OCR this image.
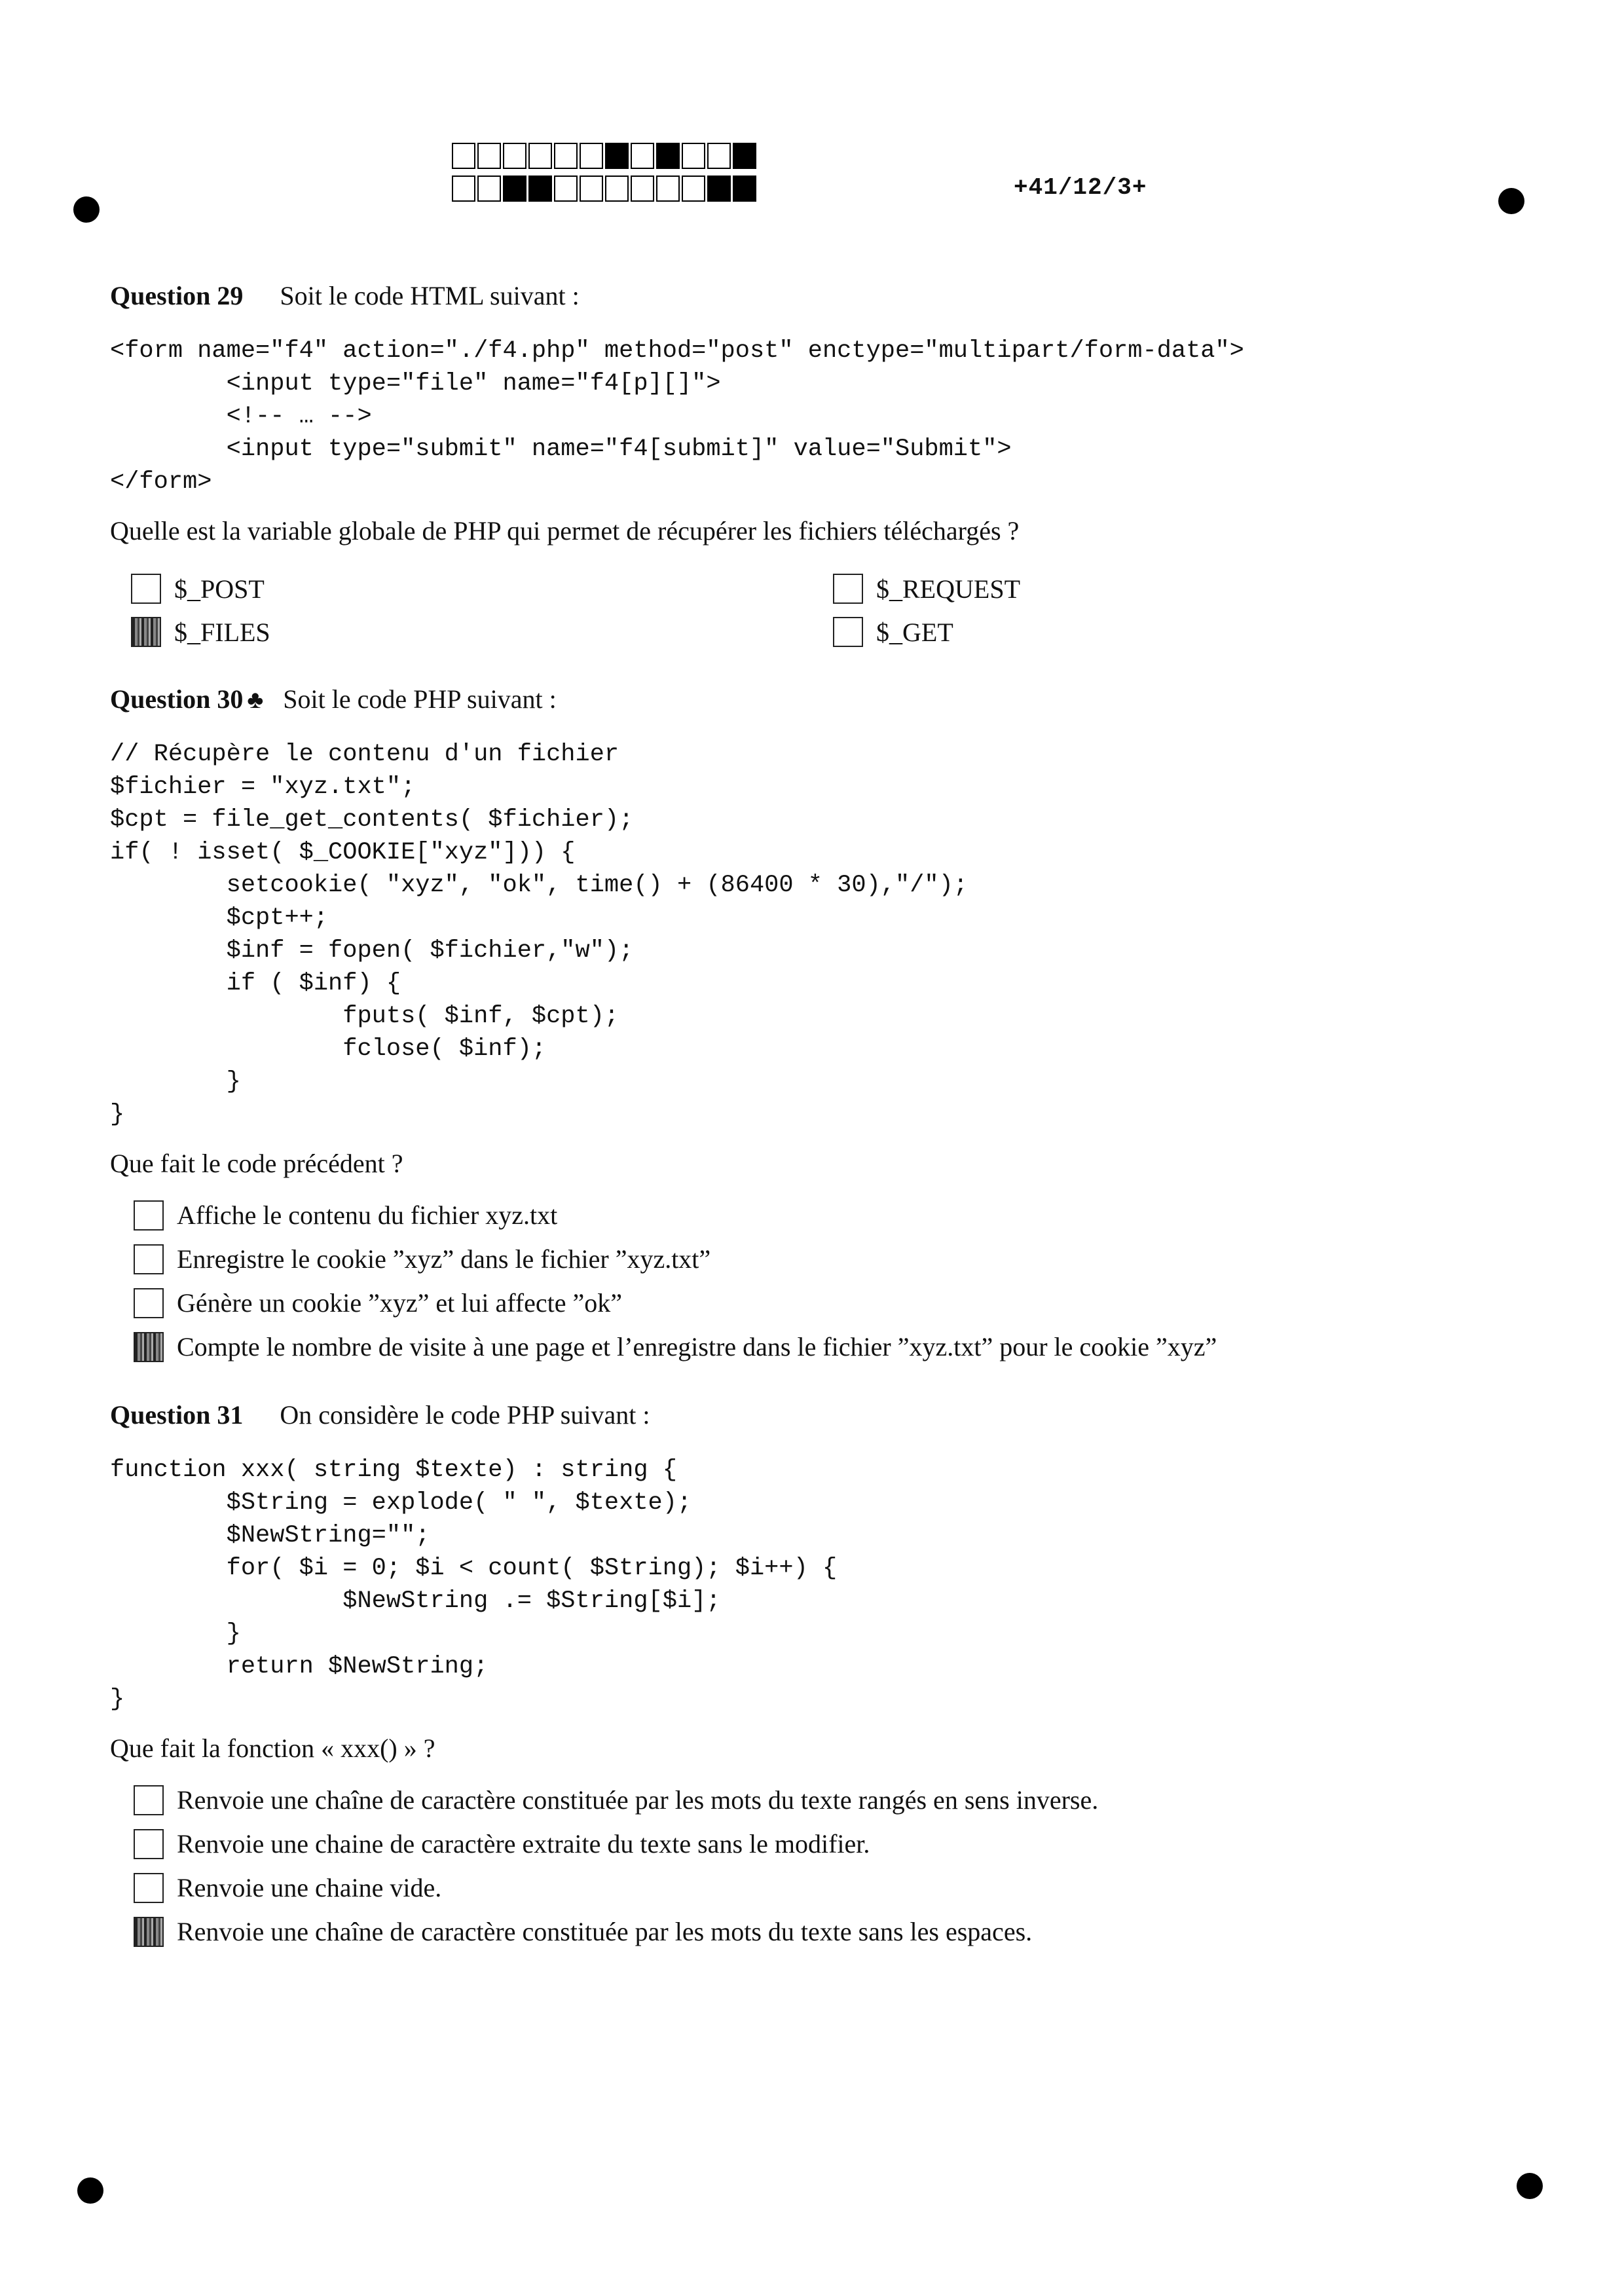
+41/12/3+

Question 29 Soit le code HTML suivant :

<form name="f4" action="./f4.php" method="post" enctype="multipart/form-data">
<input type="file" name="f4[p][]">
<!-- … -->
<input type="submit" name="f4[submit]" value="Submit">
</form>

Quelle est la variable globale de PHP qui permet de récupérer les fichiers téléchargés ?

$_POST	$_REQUEST
$_FILES	$_GET

Question 30 ♣ Soit le code PHP suivant :

// Récupère le contenu d'un fichier
$fichier = "xyz.txt";
$cpt = file_get_contents( $fichier);
if( ! isset( $_COOKIE["xyz"])) {
setcookie( "xyz", "ok", time() + (86400 * 30),"/");
$cpt++;
$inf = fopen( $fichier,"w");
if ( $inf) {
fputs( $inf, $cpt);
fclose( $inf);
}
}

Que fait le code précédent ?

Affiche le contenu du fichier xyz.txt
Enregistre le cookie ”xyz” dans le fichier ”xyz.txt”
Génère un cookie ”xyz” et lui affecte ”ok”
Compte le nombre de visite à une page et l’enregistre dans le fichier ”xyz.txt” pour le cookie ”xyz”

Question 31 On considère le code PHP suivant :

function xxx( string $texte) : string {
$String = explode( " ", $texte);
$NewString="";
for( $i = 0; $i < count( $String); $i++) {
$NewString .= $String[$i];
}
return $NewString;
}

Que fait la fonction « xxx() » ?

Renvoie une chaîne de caractère constituée par les mots du texte rangés en sens inverse.
Renvoie une chaine de caractère extraite du texte sans le modifier.
Renvoie une chaine vide.
Renvoie une chaîne de caractère constituée par les mots du texte sans les espaces.
